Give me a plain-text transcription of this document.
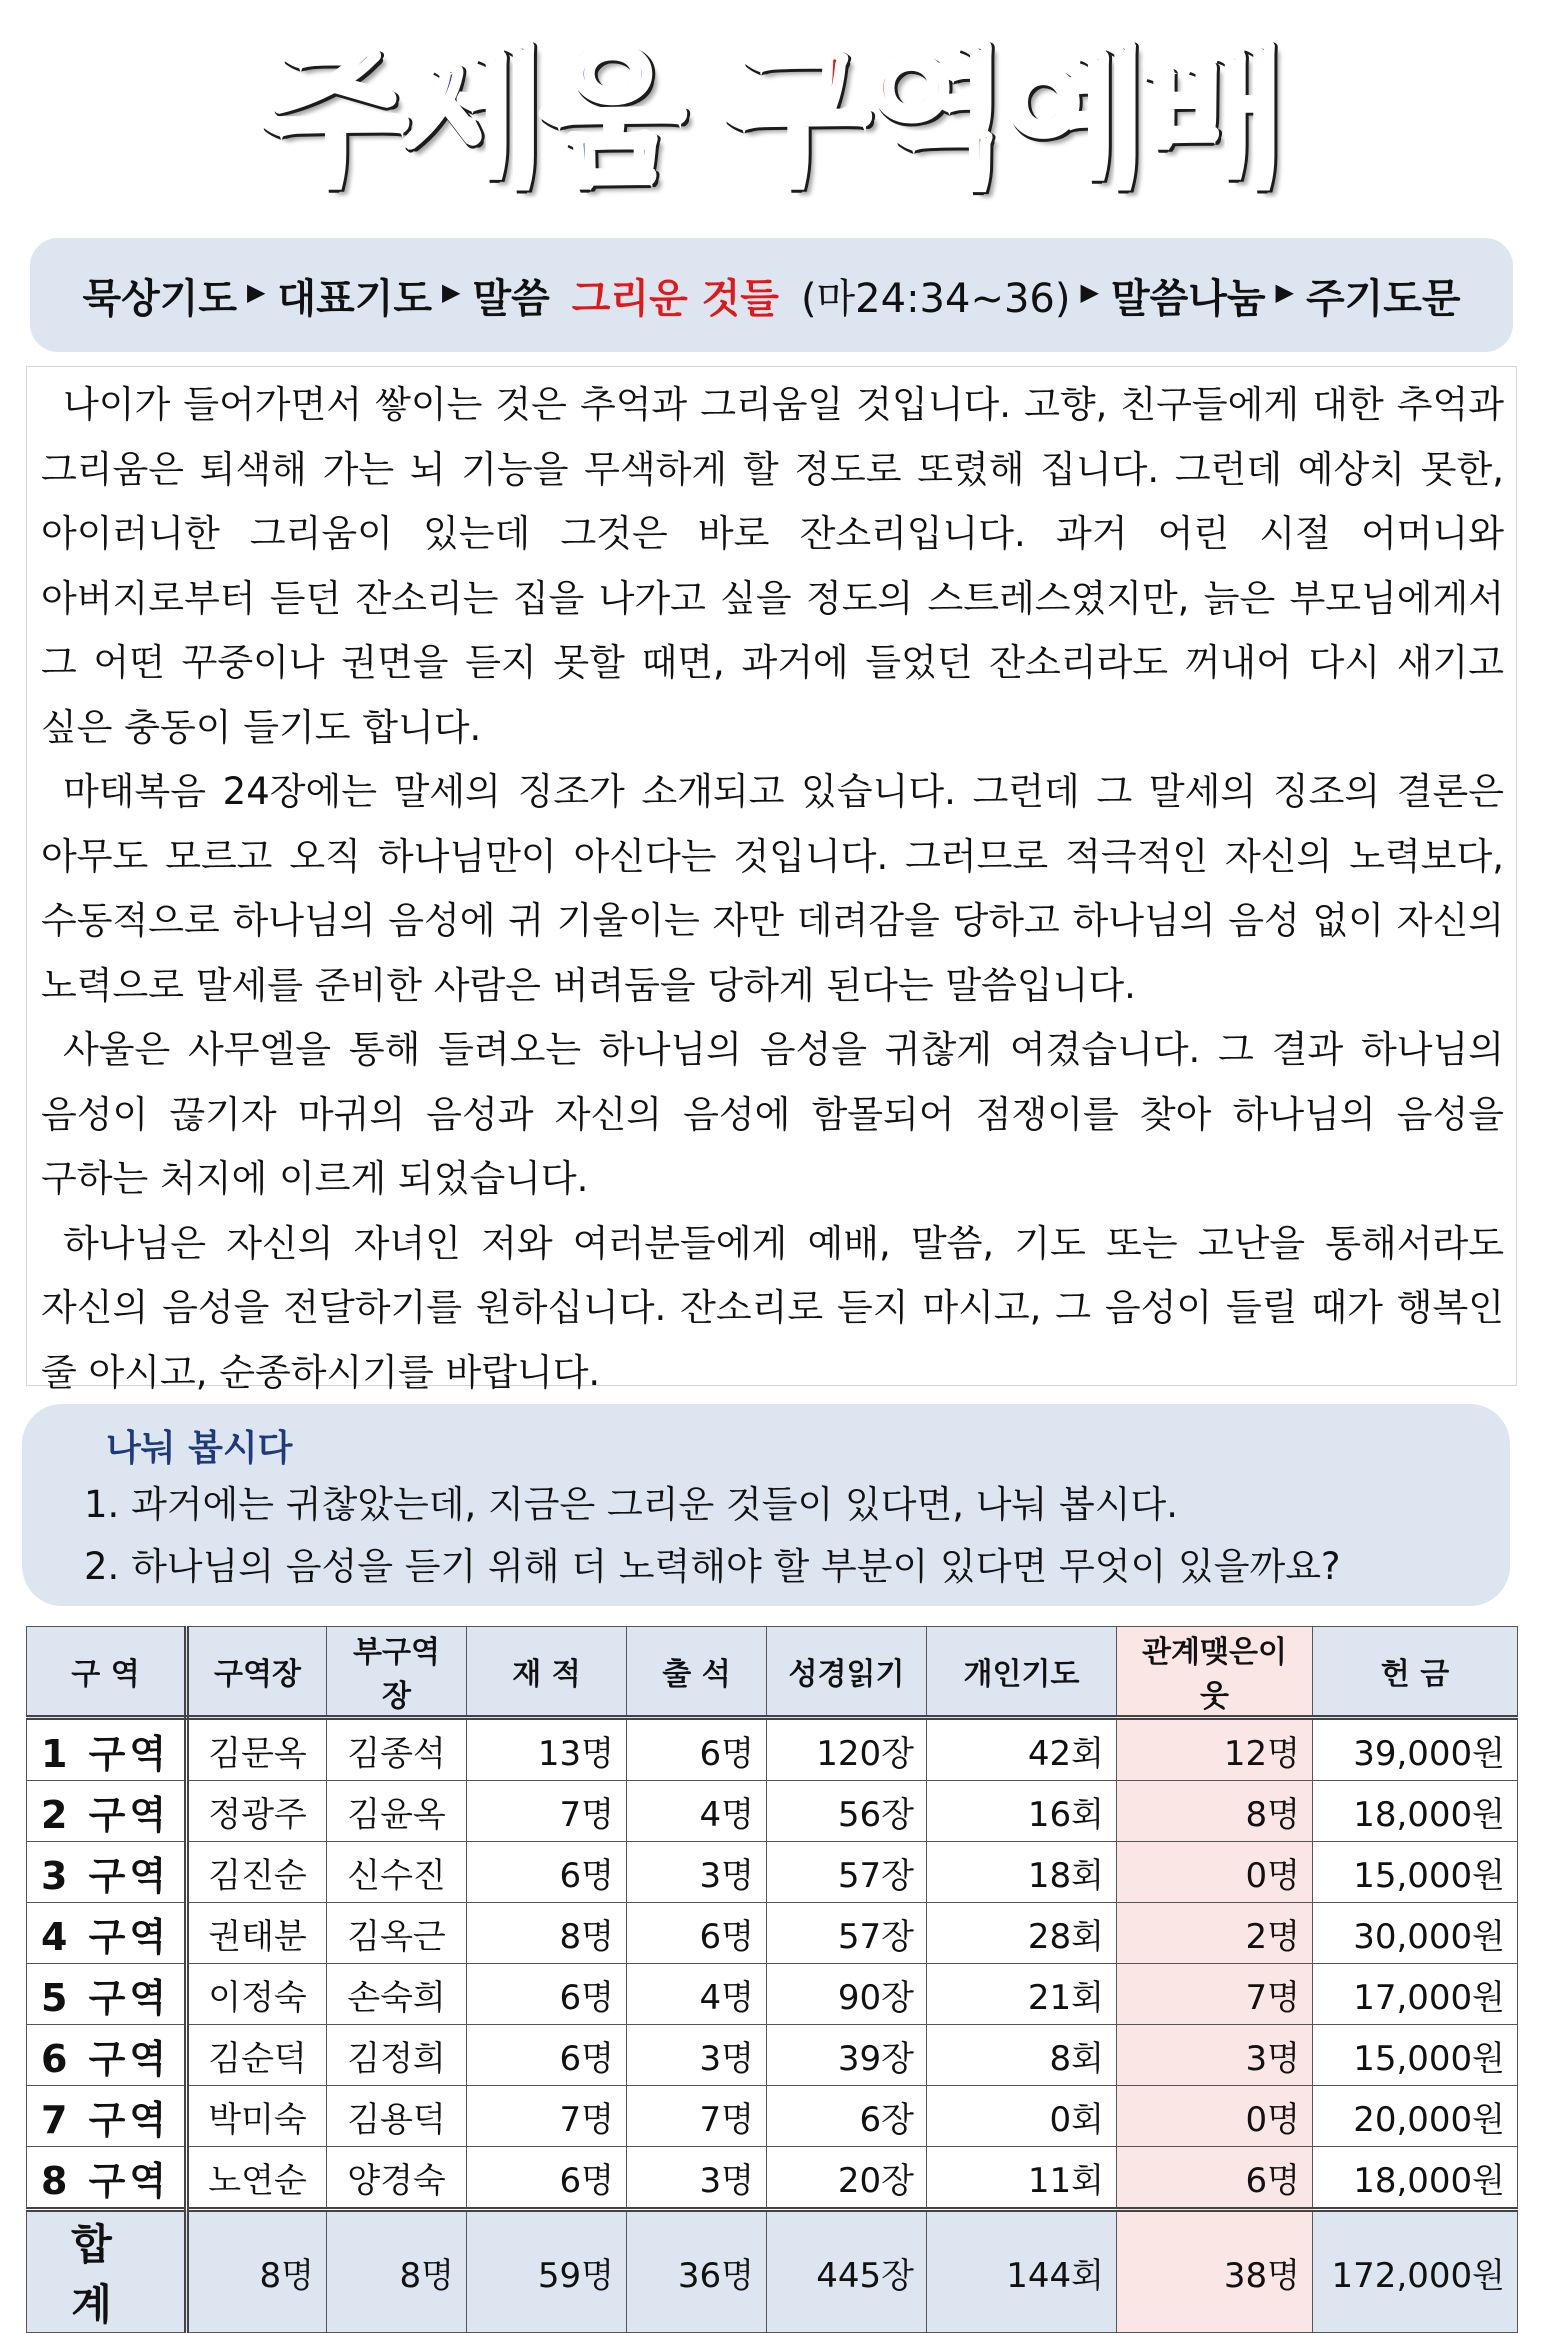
주세움 구역예배
묵상기도 ▶ 대표기도 ▶ 말씀 그리운 것들 (마24:34~36) ▶ 말씀나눔 ▶ 주기도문

나이가 들어가면서 쌓이는 것은 추억과 그리움일 것입니다. 고향, 친구들에게 대한 추억과 그리움은 퇴색해 가는 뇌 기능을 무색하게 할 정도로 또렸해 집니다. 그런데 예상치 못한, 아이러니한 그리움이 있는데 그것은 바로 잔소리입니다. 과거 어린 시절 어머니와 아버지로부터 듣던 잔소리는 집을 나가고 싶을 정도의 스트레스였지만, 늙은 부모님에게서 그 어떤 꾸중이나 권면을 듣지 못할 때면, 과거에 들었던 잔소리라도 꺼내어 다시 새기고 싶은 충동이 들기도 합니다.

마태복음 24장에는 말세의 징조가 소개되고 있습니다. 그런데 그 말세의 징조의 결론은 아무도 모르고 오직 하나님만이 아신다는 것입니다. 그러므로 적극적인 자신의 노력보다, 수동적으로 하나님의 음성에 귀 기울이는 자만 데려감을 당하고 하나님의 음성 없이 자신의 노력으로 말세를 준비한 사람은 버려둠을 당하게 된다는 말씀입니다.

사울은 사무엘을 통해 들려오는 하나님의 음성을 귀찮게 여겼습니다. 그 결과 하나님의 음성이 끊기자 마귀의 음성과 자신의 음성에 함몰되어 점쟁이를 찾아 하나님의 음성을 구하는 처지에 이르게 되었습니다.

하나님은 자신의 자녀인 저와 여러분들에게 예배, 말씀, 기도 또는 고난을 통해서라도 자신의 음성을 전달하기를 원하십니다. 잔소리로 듣지 마시고, 그 음성이 들릴 때가 행복인 줄 아시고, 순종하시기를 바랍니다.

나눠 봅시다
1. 과거에는 귀찮았는데, 지금은 그리운 것들이 있다면, 나눠 봅시다.
2. 하나님의 음성을 듣기 위해 더 노력해야 할 부분이 있다면 무엇이 있을까요?
구 역	구역장	부구역장	재 적	출 석	성경읽기	개인기도	관계맺은이웃	헌 금
1 구역	김문옥	김종석	13명	6명	120장	42회	12명	39,000원
2 구역	정광주	김윤옥	7명	4명	56장	16회	8명	18,000원
3 구역	김진순	신수진	6명	3명	57장	18회	0명	15,000원
4 구역	권태분	김옥근	8명	6명	57장	28회	2명	30,000원
5 구역	이정숙	손숙희	6명	4명	90장	21회	7명	17,000원
6 구역	김순덕	김정희	6명	3명	39장	8회	3명	15,000원
7 구역	박미숙	김용덕	7명	7명	6장	0회	0명	20,000원
8 구역	노연순	양경숙	6명	3명	20장	11회	6명	18,000원
합 계	8명	8명	59명	36명	445장	144회	38명	172,000원
